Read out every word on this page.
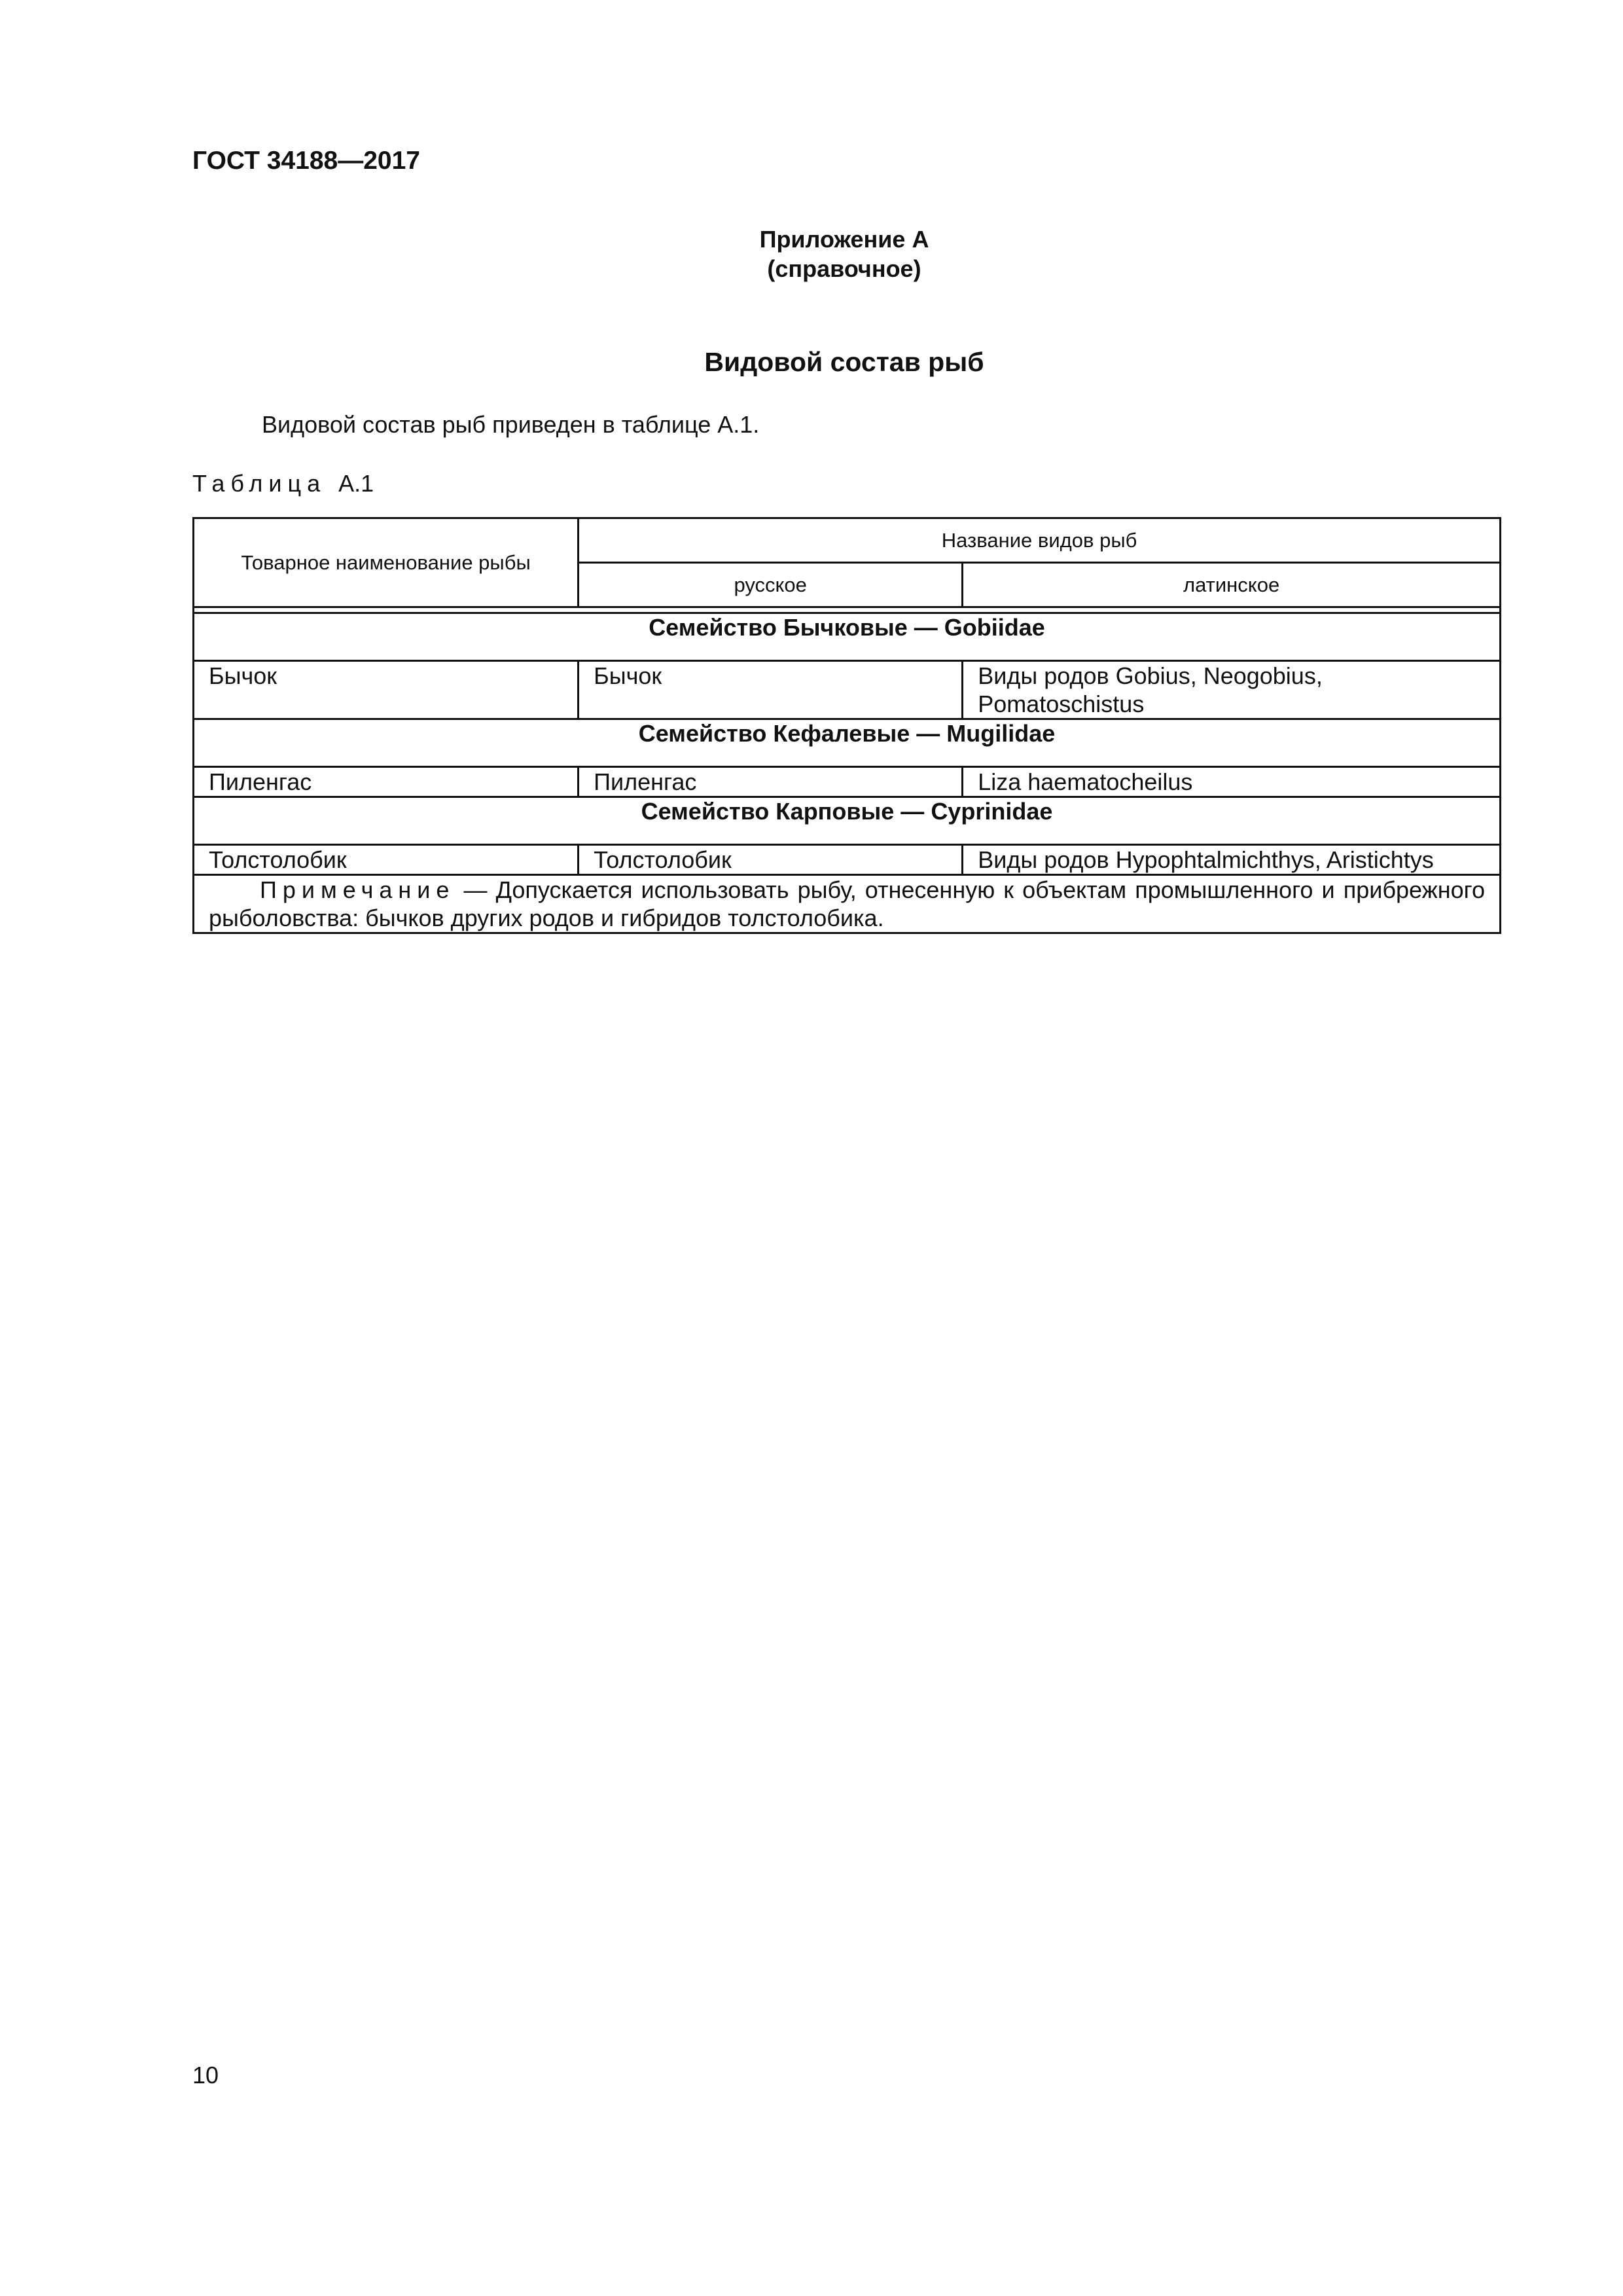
ГОСТ 34188—2017
Приложение А
(справочное)
Видовой состав рыб
Видовой состав рыб приведен в таблице А.1.
Таблица А.1
Товарное наименование рыбы	Название видов рыб	
	русское	латинское

Семейство Бычковые — Gobiidae		
Бычок	Бычок	Виды родов Gobius, Neogobius, Pomatoschistus
Семейство Кефалевые — Mugilidae		
Пиленгас	Пиленгас	Liza haematocheilus
Семейство Карповые — Cyprinidae		
Толстолобик	Толстолобик	Виды родов Hypophtalmichthys, Aristichtys
Примечание — Допускается использовать рыбу, отнесенную к объектам промышленного и прибрежного рыболовства: бычков других родов и гибридов толстолобика.		
10
